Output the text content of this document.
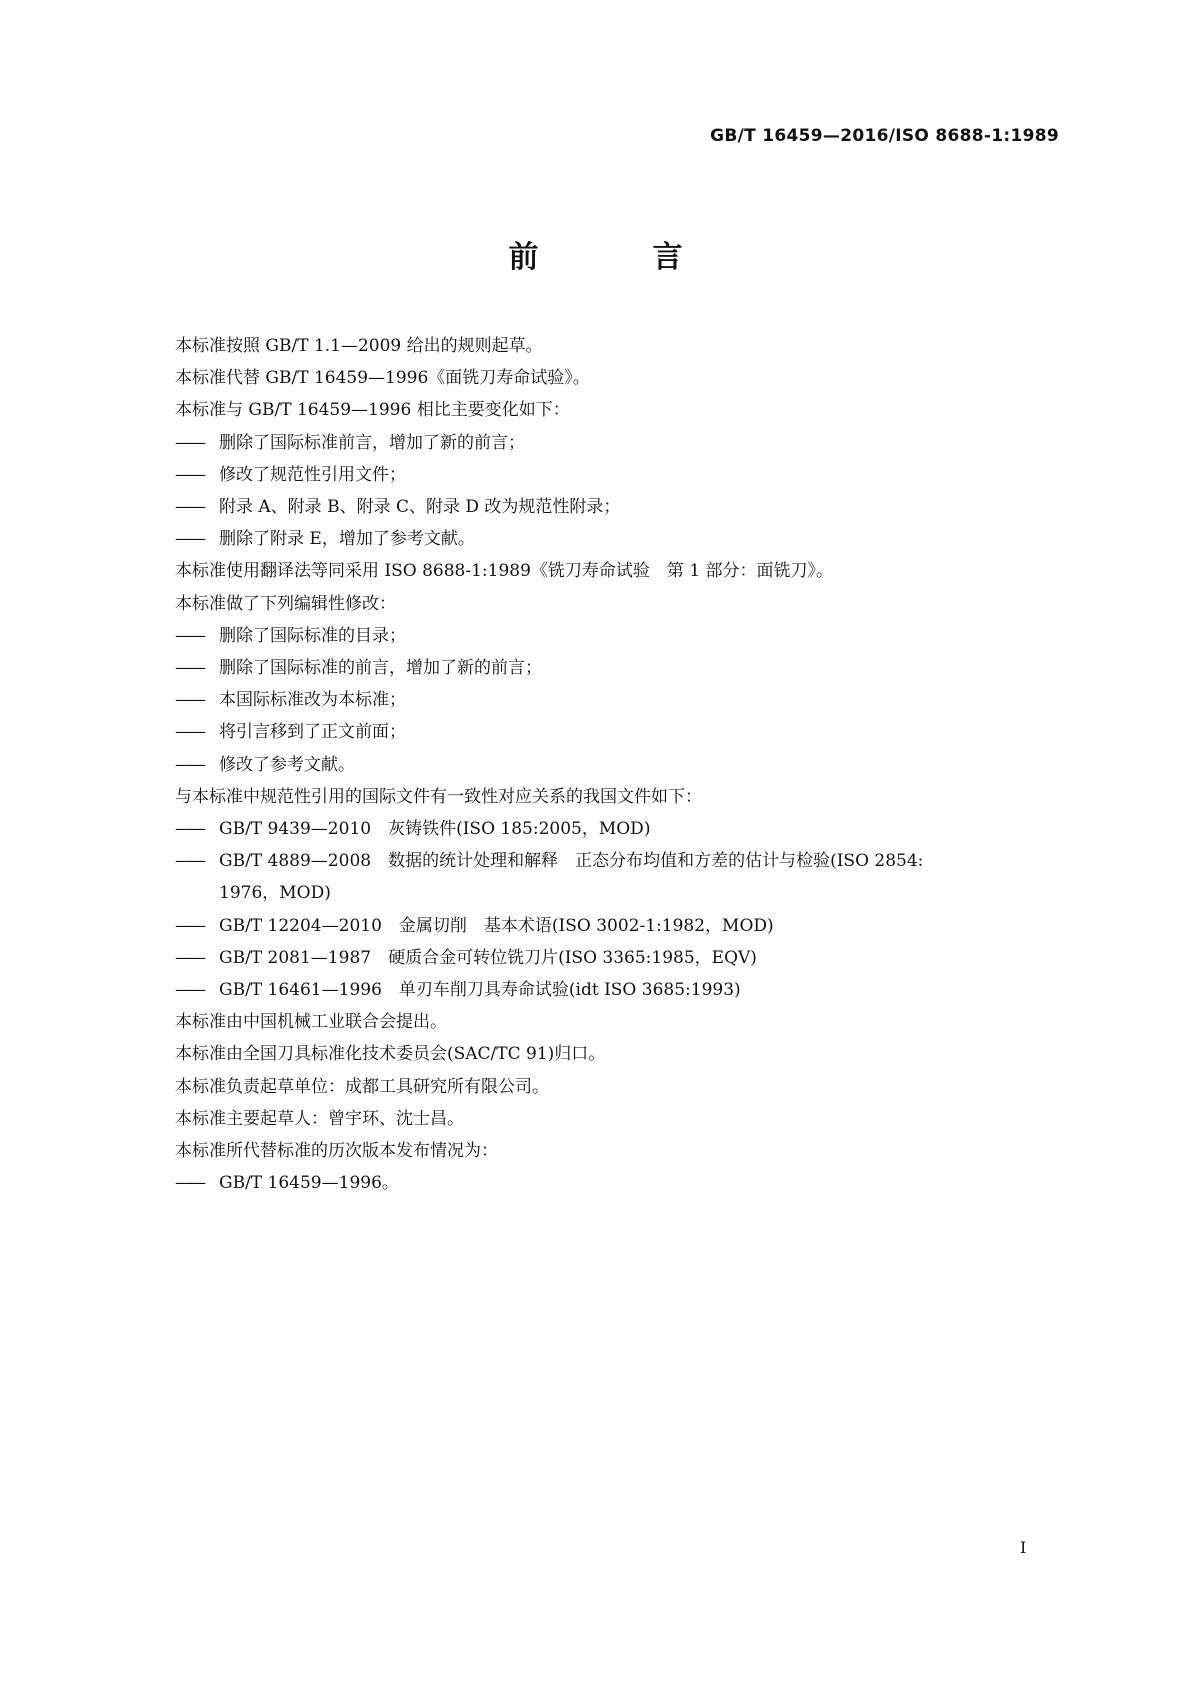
GB/T 16459—2016/ISO 8688-1:1989
前　言
本标准按照 GB/T 1.1—2009 给出的规则起草。
本标准代替 GB/T 16459—1996《面铣刀寿命试验》。
本标准与 GB/T 16459—1996 相比主要变化如下：
——删除了国际标准前言，增加了新的前言；
——修改了规范性引用文件；
——附录 A、附录 B、附录 C、附录 D 改为规范性附录；
——删除了附录 E，增加了参考文献。
本标准使用翻译法等同采用 ISO 8688-1:1989《铣刀寿命试验　第 1 部分：面铣刀》。
本标准做了下列编辑性修改：
——删除了国际标准的目录；
——删除了国际标准的前言，增加了新的前言；
——本国际标准改为本标准；
——将引言移到了正文前面；
——修改了参考文献。
与本标准中规范性引用的国际文件有一致性对应关系的我国文件如下：
——GB/T 9439—2010　灰铸铁件(ISO 185:2005，MOD)
——GB/T 4889—2008　数据的统计处理和解释　正态分布均值和方差的估计与检验(ISO 2854:
1976，MOD)
——GB/T 12204—2010　金属切削　基本术语(ISO 3002-1:1982，MOD)
——GB/T 2081—1987　硬质合金可转位铣刀片(ISO 3365:1985，EQV)
——GB/T 16461—1996　单刃车削刀具寿命试验(idt ISO 3685:1993)
本标准由中国机械工业联合会提出。
本标准由全国刀具标准化技术委员会(SAC/TC 91)归口。
本标准负责起草单位：成都工具研究所有限公司。
本标准主要起草人：曾宇环、沈士昌。
本标准所代替标准的历次版本发布情况为：
——GB/T 16459—1996。
I
